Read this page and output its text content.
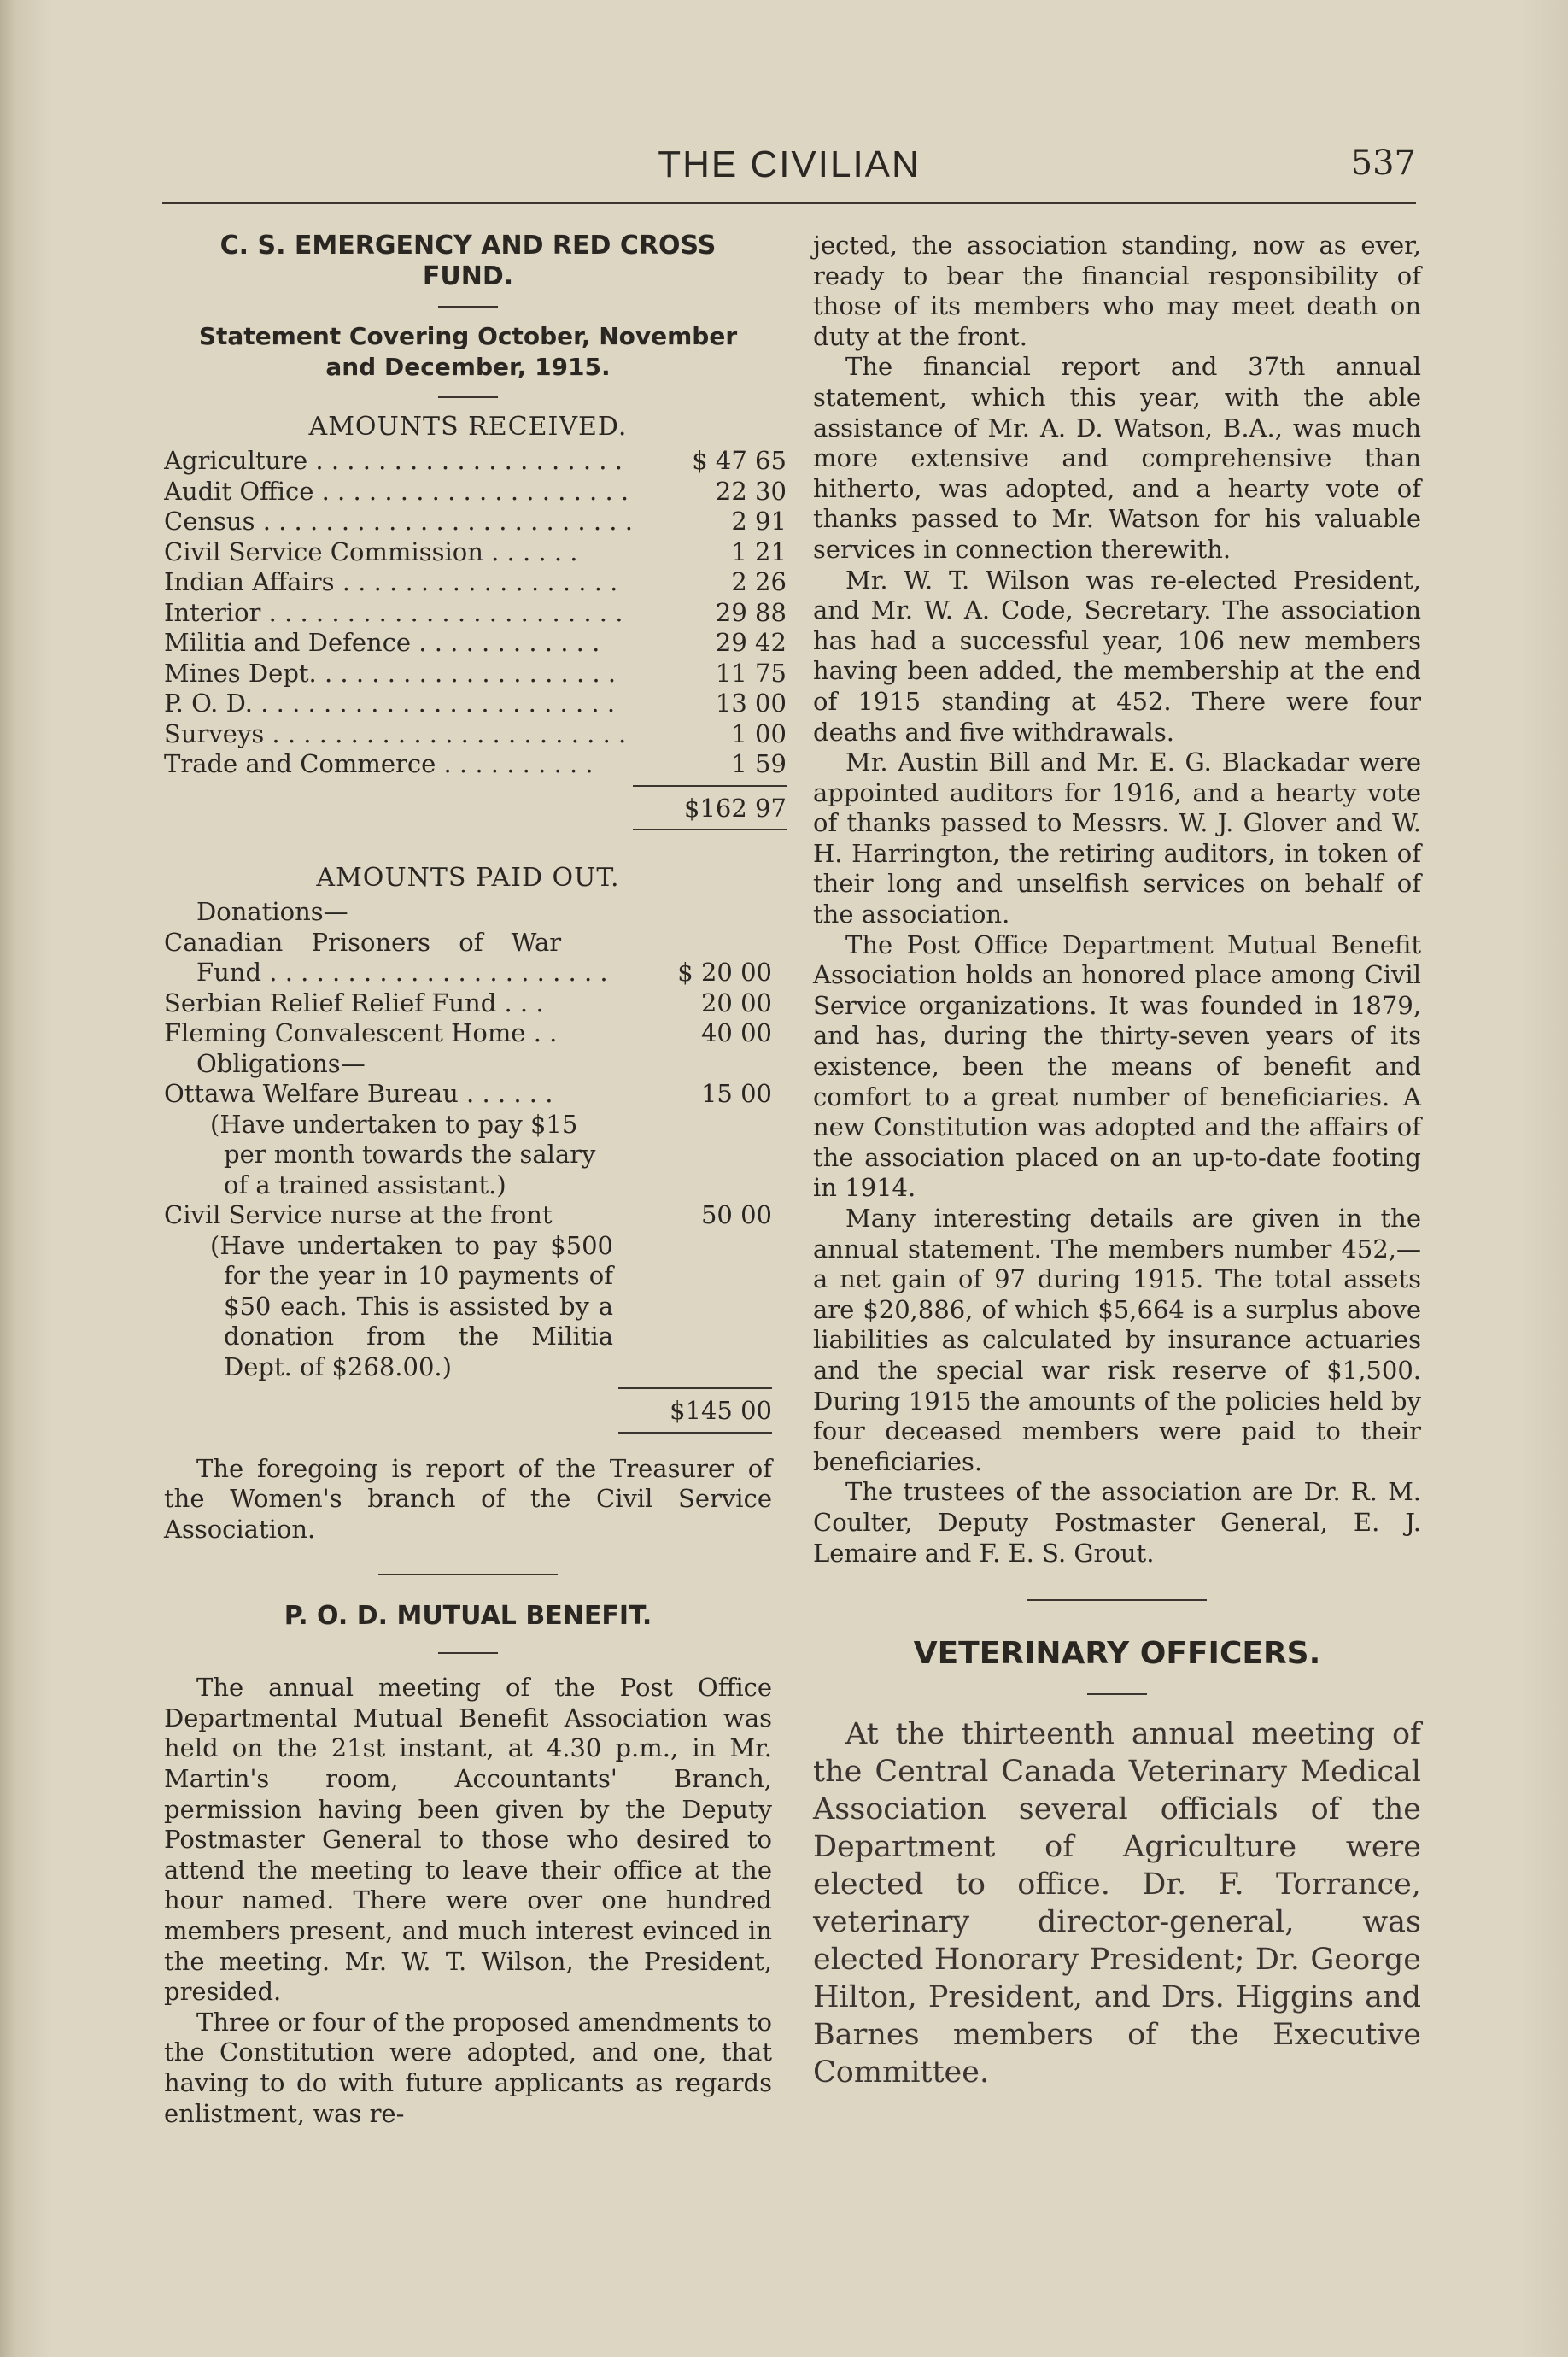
THE CIVILIAN	537

C. S. EMERGENCY AND RED CROSS
FUND.

Statement Covering October, November
and December, 1915.

AMOUNTS RECEIVED.
Agriculture . . . . . . . . . . . . . . . . . . . .	$ 47 65
Audit Office . . . . . . . . . . . . . . . . . . . .	22 30
Census . . . . . . . . . . . . . . . . . . . . . . . .	2 91
Civil Service Commission . . . . . .	1 21
Indian Affairs . . . . . . . . . . . . . . . . . .	2 26
Interior . . . . . . . . . . . . . . . . . . . . . . .	29 88
Militia and Defence . . . . . . . . . . . .	29 42
Mines Dept. . . . . . . . . . . . . . . . . . . .	11 75
P. O. D. . . . . . . . . . . . . . . . . . . . . . . .	13 00
Surveys . . . . . . . . . . . . . . . . . . . . . . .	1 00
Trade and Commerce . . . . . . . . . .	1 59

	$162 97

AMOUNTS PAID OUT.
Donations—	
Canadian Prisoners of War	
Fund . . . . . . . . . . . . . . . . . . . . . .	$ 20 00
Serbian Relief Relief Fund . . .	20 00
Fleming Convalescent Home . .	40 00
Obligations—	
Ottawa Welfare Bureau . . . . . .	15 00
(Have undertaken to pay $15 per month towards the salary of a trained assistant.)	
Civil Service nurse at the front	50 00
(Have undertaken to pay $500 for the year in 10 payments of $50 each. This is assisted by a donation from the Militia Dept. of $268.00.)	

	$145 00

The foregoing is report of the Treasurer of the Women's branch of the Civil Service Association.

P. O. D. MUTUAL BENEFIT.

The annual meeting of the Post Office Departmental Mutual Benefit Association was held on the 21st instant, at 4.30 p.m., in Mr. Martin's room, Accountants' Branch, permission having been given by the Deputy Postmaster General to those who desired to attend the meeting to leave their office at the hour named. There were over one hundred members present, and much interest evinced in the meeting. Mr. W. T. Wilson, the President, presided.

Three or four of the proposed amendments to the Constitution were adopted, and one, that having to do with future applicants as regards enlistment, was re-

jected, the association standing, now as ever, ready to bear the financial responsibility of those of its members who may meet death on duty at the front.

The financial report and 37th annual statement, which this year, with the able assistance of Mr. A. D. Watson, B.A., was much more extensive and comprehensive than hitherto, was adopted, and a hearty vote of thanks passed to Mr. Watson for his valuable services in connection therewith.

Mr. W. T. Wilson was re-elected President, and Mr. W. A. Code, Secretary. The association has had a successful year, 106 new members having been added, the membership at the end of 1915 standing at 452. There were four deaths and five withdrawals.

Mr. Austin Bill and Mr. E. G. Blackadar were appointed auditors for 1916, and a hearty vote of thanks passed to Messrs. W. J. Glover and W. H. Harrington, the retiring auditors, in token of their long and unselfish services on behalf of the association.

The Post Office Department Mutual Benefit Association holds an honored place among Civil Service organizations. It was founded in 1879, and has, during the thirty-seven years of its existence, been the means of benefit and comfort to a great number of beneficiaries. A new Constitution was adopted and the affairs of the association placed on an up-to-date footing in 1914.

Many interesting details are given in the annual statement. The members number 452,—a net gain of 97 during 1915. The total assets are $20,886, of which $5,664 is a surplus above liabilities as calculated by insurance actuaries and the special war risk reserve of $1,500. During 1915 the amounts of the policies held by four deceased members were paid to their beneficiaries.

The trustees of the association are Dr. R. M. Coulter, Deputy Postmaster General, E. J. Lemaire and F. E. S. Grout.

VETERINARY OFFICERS.

At the thirteenth annual meeting of the Central Canada Veterinary Medical Association several officials of the Department of Agriculture were elected to office. Dr. F. Torrance, veterinary director-general, was elected Honorary President; Dr. George Hilton, President, and Drs. Higgins and Barnes members of the Executive Committee.
